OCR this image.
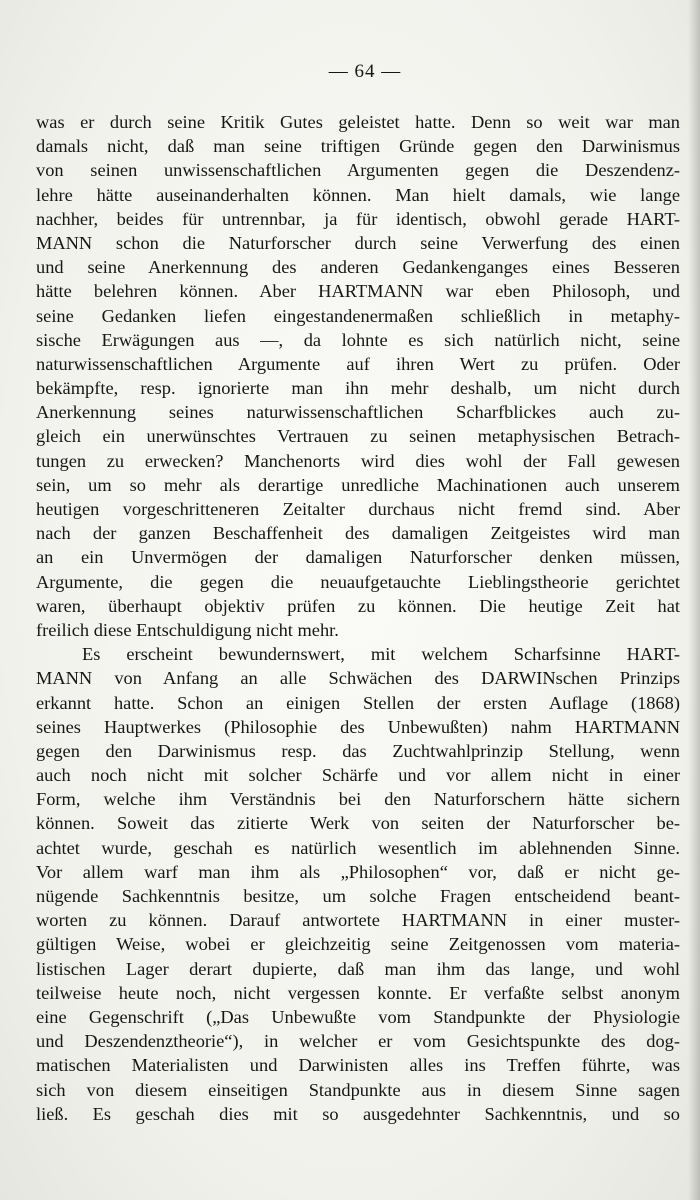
— 64 —
was er durch seine Kritik Gutes geleistet hatte. Denn so weit war man
damals nicht, daß man seine triftigen Gründe gegen den Darwinismus
von seinen unwissenschaftlichen Argumenten gegen die Deszendenz-
lehre hätte auseinanderhalten können. Man hielt damals, wie lange
nachher, beides für untrennbar, ja für identisch, obwohl gerade HART-
MANN schon die Naturforscher durch seine Verwerfung des einen
und seine Anerkennung des anderen Gedankenganges eines Besseren
hätte belehren können. Aber HARTMANN war eben Philosoph, und
seine Gedanken liefen eingestandenermaßen schließlich in metaphy-
sische Erwägungen aus —, da lohnte es sich natürlich nicht, seine
naturwissenschaftlichen Argumente auf ihren Wert zu prüfen. Oder
bekämpfte, resp. ignorierte man ihn mehr deshalb, um nicht durch
Anerkennung seines naturwissenschaftlichen Scharfblickes auch zu-
gleich ein unerwünschtes Vertrauen zu seinen metaphysischen Betrach-
tungen zu erwecken? Manchenorts wird dies wohl der Fall gewesen
sein, um so mehr als derartige unredliche Machinationen auch unserem
heutigen vorgeschritteneren Zeitalter durchaus nicht fremd sind. Aber
nach der ganzen Beschaffenheit des damaligen Zeitgeistes wird man
an ein Unvermögen der damaligen Naturforscher denken müssen,
Argumente, die gegen die neuaufgetauchte Lieblingstheorie gerichtet
waren, überhaupt objektiv prüfen zu können. Die heutige Zeit hat
freilich diese Entschuldigung nicht mehr.
Es erscheint bewundernswert, mit welchem Scharfsinne HART-
MANN von Anfang an alle Schwächen des DARWINschen Prinzips
erkannt hatte. Schon an einigen Stellen der ersten Auflage (1868)
seines Hauptwerkes (Philosophie des Unbewußten) nahm HARTMANN
gegen den Darwinismus resp. das Zuchtwahlprinzip Stellung, wenn
auch noch nicht mit solcher Schärfe und vor allem nicht in einer
Form, welche ihm Verständnis bei den Naturforschern hätte sichern
können. Soweit das zitierte Werk von seiten der Naturforscher be-
achtet wurde, geschah es natürlich wesentlich im ablehnenden Sinne.
Vor allem warf man ihm als „Philosophen“ vor, daß er nicht ge-
nügende Sachkenntnis besitze, um solche Fragen entscheidend beant-
worten zu können. Darauf antwortete HARTMANN in einer muster-
gültigen Weise, wobei er gleichzeitig seine Zeitgenossen vom materia-
listischen Lager derart dupierte, daß man ihm das lange, und wohl
teilweise heute noch, nicht vergessen konnte. Er verfaßte selbst anonym
eine Gegenschrift („Das Unbewußte vom Standpunkte der Physiologie
und Deszendenztheorie“), in welcher er vom Gesichtspunkte des dog-
matischen Materialisten und Darwinisten alles ins Treffen führte, was
sich von diesem einseitigen Standpunkte aus in diesem Sinne sagen
ließ. Es geschah dies mit so ausgedehnter Sachkenntnis, und so
